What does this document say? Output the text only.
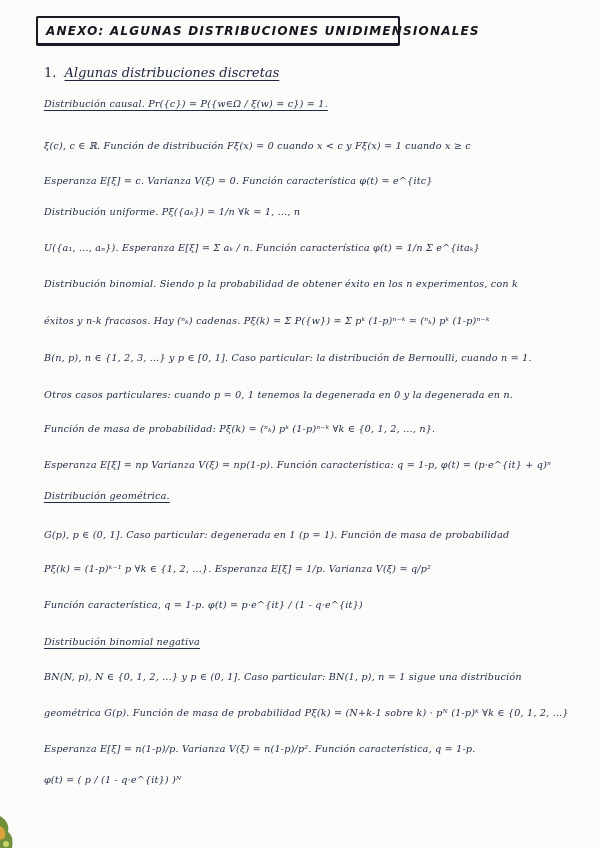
ANEXO: ALGUNAS DISTRIBUCIONES UNIDIMENSIONALES
1. Algunas distribuciones discretas
Distribución causal. Pr({c}) = P({w∈Ω / ξ(w) = c}) = 1.
ξ(c), c ∈ ℝ. Función de distribución Fξ(x) = 0 cuando x < c y Fξ(x) = 1 cuando x ≥ c
Esperanza E[ξ] = c. Varianza V(ξ) = 0. Función característica φ(t) = e^{itc}
Distribución uniforme. Pξ({aₖ}) = 1/n ∀k = 1, ..., n
U({a₁, ..., aₙ}). Esperanza E[ξ] = Σ aₖ / n. Función característica φ(t) = 1/n Σ e^{itaₖ}
Distribución binomial. Siendo p la probabilidad de obtener éxito en los n experimentos, con k
éxitos y n-k fracasos. Hay (ⁿₖ) cadenas. Pξ(k) = Σ P({w}) = Σ pᵏ (1-p)ⁿ⁻ᵏ = (ⁿₖ) pᵏ (1-p)ⁿ⁻ᵏ
B(n, p), n ∈ {1, 2, 3, ...} y p ∈ [0, 1]. Caso particular: la distribución de Bernoulli, cuando n = 1.
Otros casos particulares: cuando p = 0, 1 tenemos la degenerada en 0 y la degenerada en n.
Función de masa de probabilidad: Pξ(k) = (ⁿₖ) pᵏ (1-p)ⁿ⁻ᵏ ∀k ∈ {0, 1, 2, ..., n}.
Esperanza E[ξ] = np Varianza V(ξ) = np(1-p). Función característica: q = 1-p, φ(t) = (p·e^{it} + q)ⁿ
Distribución geométrica.
G(p), p ∈ (0, 1]. Caso particular: degenerada en 1 (p = 1). Función de masa de probabilidad
Pξ(k) = (1-p)ᵏ⁻¹ p ∀k ∈ {1, 2, ...}. Esperanza E[ξ] = 1/p. Varianza V(ξ) = q/p²
Función característica, q = 1-p. φ(t) = p·e^{it} / (1 - q·e^{it})
Distribución binomial negativa
BN(N, p), N ∈ {0, 1, 2, ...} y p ∈ (0, 1]. Caso particular: BN(1, p), n = 1 sigue una distribución
geométrica G(p). Función de masa de probabilidad Pξ(k) = (N+k-1 sobre k) · pᴺ (1-p)ᵏ ∀k ∈ {0, 1, 2, ...}
Esperanza E[ξ] = n(1-p)/p. Varianza V(ξ) = n(1-p)/p². Función característica, q = 1-p.
φ(t) = ( p / (1 - q·e^{it}) )ᴺ
